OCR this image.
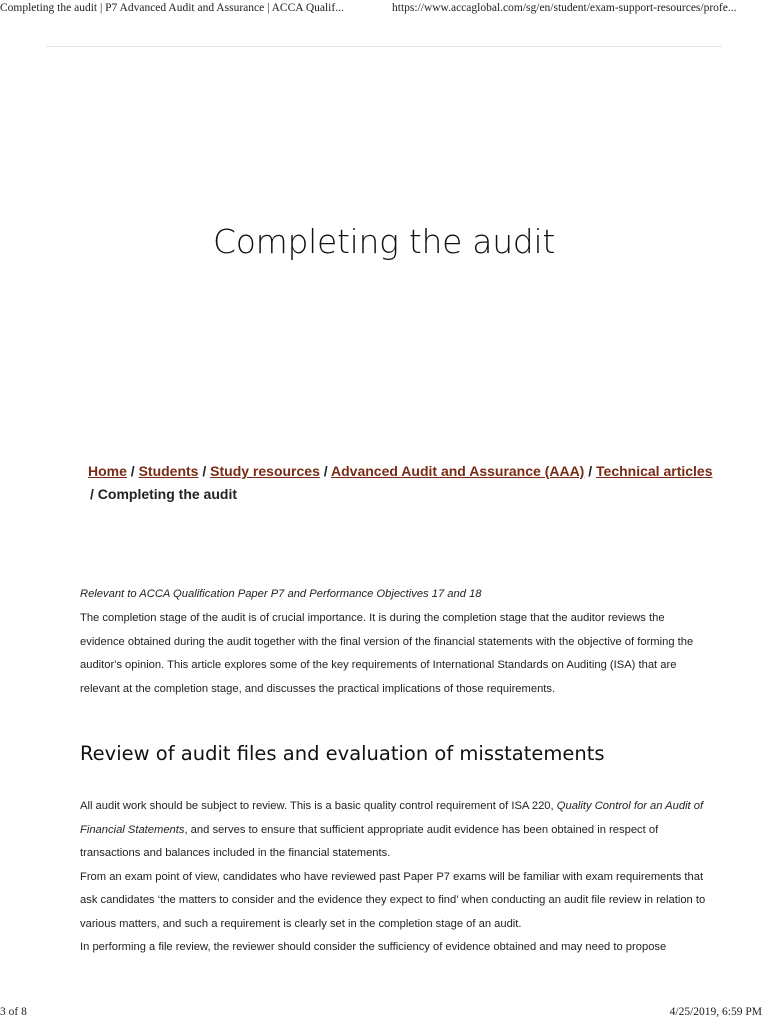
Completing the audit | P7 Advanced Audit and Assurance | ACCA Qualif...	https://www.accaglobal.com/sg/en/student/exam-support-resources/profe...
Completing the audit
Home / Students / Study resources / Advanced Audit and Assurance (AAA) / Technical articles
/ Completing the audit
Relevant to ACCA Qualification Paper P7 and Performance Objectives 17 and 18

The completion stage of the audit is of crucial importance. It is during the completion stage that the auditor reviews the evidence obtained during the audit together with the final version of the financial statements with the objective of forming the auditor's opinion. This article explores some of the key requirements of International Standards on Auditing (ISA) that are relevant at the completion stage, and discusses the practical implications of those requirements.

Review of audit files and evaluation of misstatements

All audit work should be subject to review. This is a basic quality control requirement of ISA 220, Quality Control for an Audit of Financial Statements, and serves to ensure that sufficient appropriate audit evidence has been obtained in respect of transactions and balances included in the financial statements.

From an exam point of view, candidates who have reviewed past Paper P7 exams will be familiar with exam requirements that ask candidates ‘the matters to consider and the evidence they expect to find’ when conducting an audit file review in relation to various matters, and such a requirement is clearly set in the completion stage of an audit.

In performing a file review, the reviewer should consider the sufficiency of evidence obtained and may need to propose

3 of 8	4/25/2019, 6:59 PM
